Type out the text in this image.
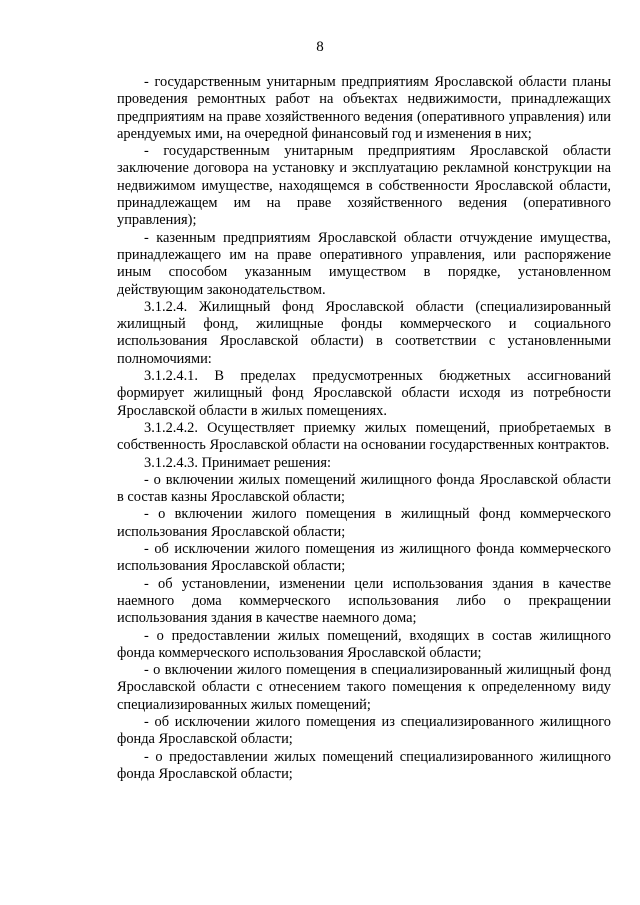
8

- государственным унитарным предприятиям Ярославской области планы проведения ремонтных работ на объектах недвижимости, принадлежащих предприятиям на праве хозяйственного ведения (оперативного управления) или арендуемых ими, на очередной финансовый год и изменения в них;

- государственным унитарным предприятиям Ярославской области заключение договора на установку и эксплуатацию рекламной конструкции на недвижимом имуществе, находящемся в собственности Ярославской области, принадлежащем им на праве хозяйственного ведения (оперативного управления);

- казенным предприятиям Ярославской области отчуждение имущества, принадлежащего им на праве оперативного управления, или распоряжение иным способом указанным имуществом в порядке, установленном действующим законодательством.

3.1.2.4. Жилищный фонд Ярославской области (специализированный жилищный фонд, жилищные фонды коммерческого и социального использования Ярославской области) в соответствии с установленными полномочиями:

3.1.2.4.1. В пределах предусмотренных бюджетных ассигнований формирует жилищный фонд Ярославской области исходя из потребности Ярославской области в жилых помещениях.

3.1.2.4.2. Осуществляет приемку жилых помещений, приобретаемых в собственность Ярославской области на основании государственных контрактов.

3.1.2.4.3. Принимает решения:

- о включении жилых помещений жилищного фонда Ярославской области в состав казны Ярославской области;

- о включении жилого помещения в жилищный фонд коммерческого использования Ярославской области;

- об исключении жилого помещения из жилищного фонда коммерческого использования Ярославской области;

- об установлении, изменении цели использования здания в качестве наемного дома коммерческого использования либо о прекращении использования здания в качестве наемного дома;

- о предоставлении жилых помещений, входящих в состав жилищного фонда коммерческого использования Ярославской области;

- о включении жилого помещения в специализированный жилищный фонд Ярославской области с отнесением такого помещения к определенному виду специализированных жилых помещений;

- об исключении жилого помещения из специализированного жилищного фонда Ярославской области;

- о предоставлении жилых помещений специализированного жилищного фонда Ярославской области;
